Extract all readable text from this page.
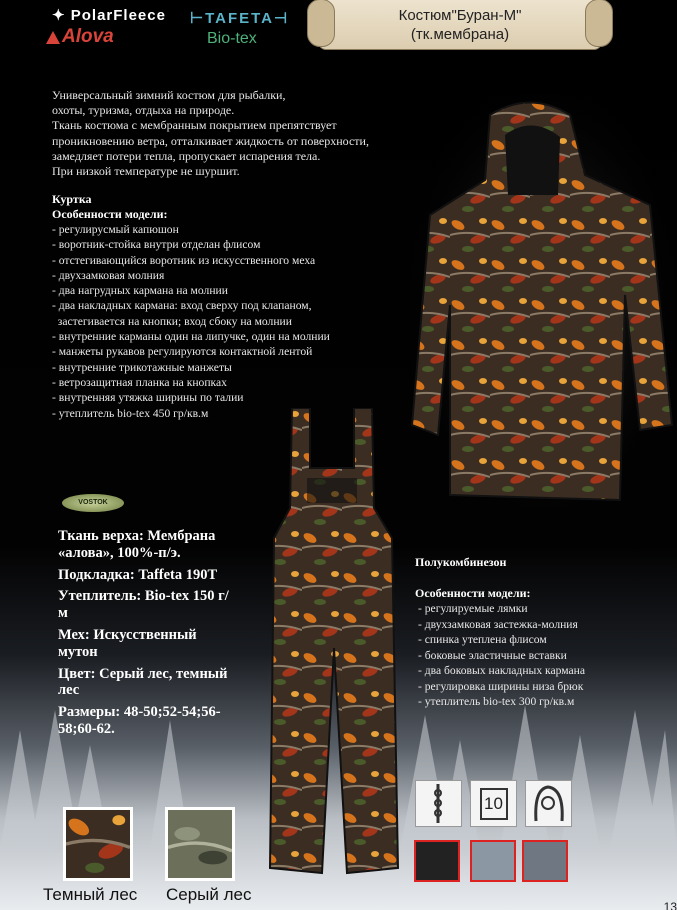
✦ PolarFleece
Alova
⊢TAFETA⊣
Bio-tex
Костюм"Буран-М"
(тк.мембрана)
Универсальный зимний костюм для рыбалки,
охоты, туризма, отдыха на природе.
Ткань костюма с мембранным покрытием препятствует
проникновению ветра, отталкивает жидкость от поверхности,
замедляет потери тепла, пропускает испарения тела.
При низкой температуре не шуршит.
Куртка
Особенности модели:
- регулирусмый капюшон
- воротник-стойка внутри отделан флисом
- отстегивающийся воротник из искусственного меха
- двухзамковая молния
- два нагрудных кармана на молнии
- два накладных кармана: вход сверху под клапаном,
застегивается на кнопки; вход сбоку на молнии
- внутренние карманы один на липучке, один на молнии
- манжеты рукавов регулируются контактной лентой
- внутренние трикотажные манжеты
- ветрозащитная планка на кнопках
- внутренняя утяжка ширины по талии
- утеплитель bio-tex 450 гр/кв.м
VOSTOK
Ткань верха: Мембрана «алова», 100%-п/э.
Подкладка: Taffeta 190T
Утеплитель: Bio-tex 150 г/м
Мех: Искусственный мутон
Цвет: Серый лес, темный лес
Размеры: 48-50;52-54;56-58;60-62.
Полукомбинезон
Особенности модели:
- регулируемые лямки
- двухзамковая застежка-молния
- спинка утеплена флисом
- боковые эластичные вставки
- два боковых накладных кармана
- регулировка ширины низа брюк
- утеплитель bio-tex 300 гр/кв.м
10
Темный лес Серый лес
13
